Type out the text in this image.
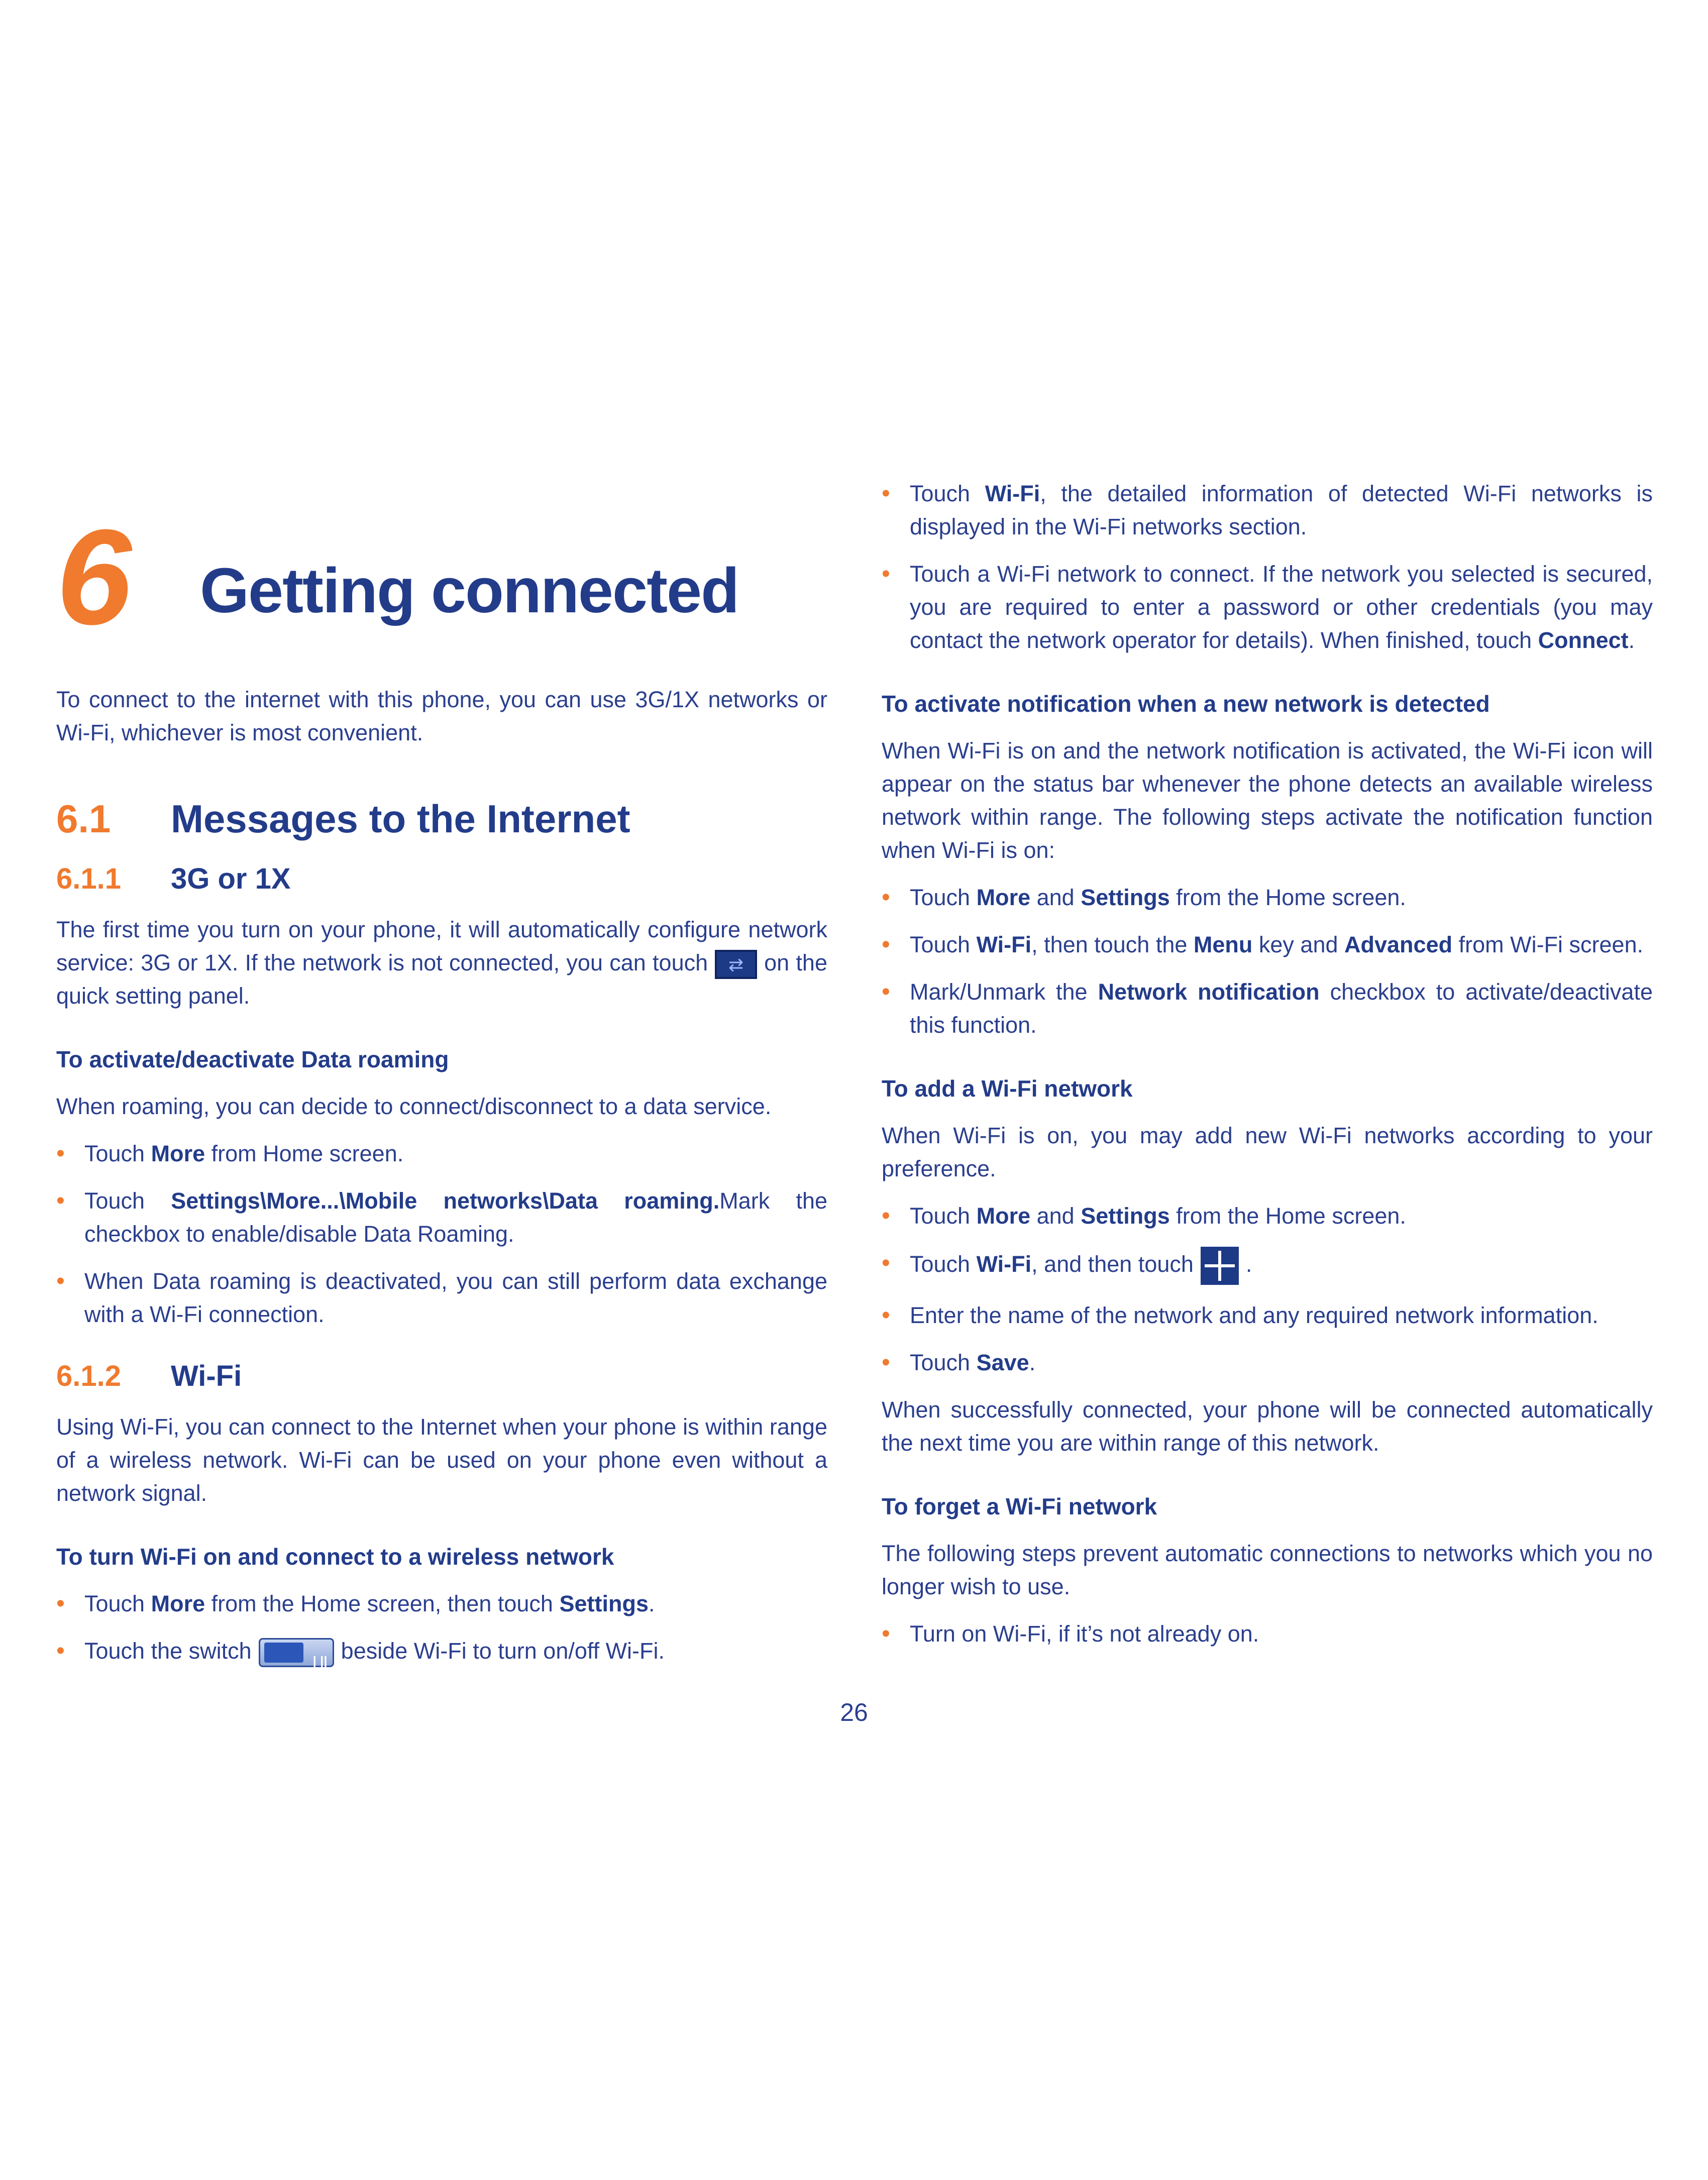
6 Getting connected

To connect to the internet with this phone, you can use 3G/1X networks or Wi-Fi, whichever is most convenient.

6.1	Messages to the Internet
6.1.1	3G or 1X

The first time you turn on your phone, it will automatically configure network service: 3G or 1X. If the network is not connected, you can touch ⇄ on the quick setting panel.

To activate/deactivate Data roaming

When roaming, you can decide to connect/disconnect to a data service.

• Touch More from Home screen.
• Touch Settings\More...\Mobile networks\Data roaming.Mark the checkbox to enable/disable Data Roaming.
• When Data roaming is deactivated, you can still perform data exchange with a Wi-Fi connection.
6.1.2	Wi-Fi

Using Wi-Fi, you can connect to the Internet when your phone is within range of a wireless network. Wi-Fi can be used on your phone even without a network signal.

To turn Wi-Fi on and connect to a wireless network
• Touch More from the Home screen, then touch Settings.
• Touch the switch | ||	beside Wi-Fi to turn on/off Wi-Fi.
• Touch Wi-Fi, the detailed information of detected Wi-Fi networks is displayed in the Wi-Fi networks section.
• Touch a Wi-Fi network to connect. If the network you selected is secured, you are required to enter a password or other credentials (you may contact the network operator for details). When finished, touch Connect.
To activate notification when a new network is detected

When Wi-Fi is on and the network notification is activated, the Wi-Fi icon will appear on the status bar whenever the phone detects an available wireless network within range. The following steps activate the notification function when Wi-Fi is on:

• Touch More and Settings from the Home screen.
• Touch Wi-Fi, then touch the Menu key and Advanced from Wi-Fi screen.
• Mark/Unmark the Network notification checkbox to activate/deactivate this function.
To add a Wi-Fi network

When Wi-Fi is on, you may add new Wi-Fi networks according to your preference.

• Touch More and Settings from the Home screen.
• Touch Wi-Fi, and then touch .
• Enter the name of the network and any required network information.
• Touch Save.

When successfully connected, your phone will be connected automatically the next time you are within range of this network.

To forget a Wi-Fi network

The following steps prevent automatic connections to networks which you no longer wish to use.

• Turn on Wi-Fi, if it’s not already on.
26
